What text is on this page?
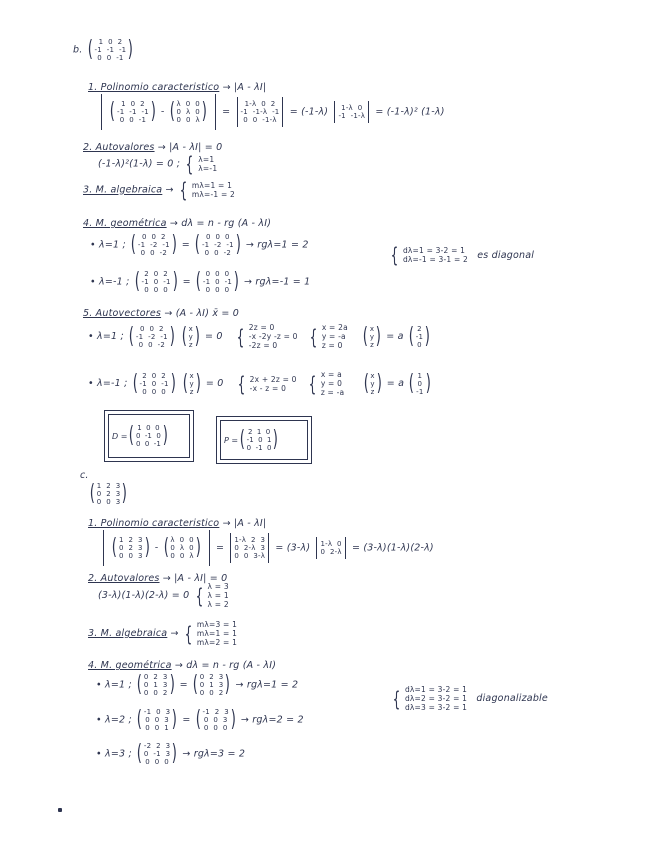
b. ( 1  0  2
-1  -1  -1
0  0  -1 )
1. Polinomio caracteristico → |A - λI|

( 1  0  2
-1  -1  -1
0  0  -1 ) - ( λ  0  0
0  λ  0
0  0  λ ) =
1-λ  0  2
-1  -1-λ  -1
0  0  -1-λ
= (-1-λ)	1-λ  0
-1  -1-λ = (-1-λ)² (1-λ)
2. Autovalores → |A - λI| = 0
(-1-λ)²(1-λ) = 0 ; { λ=1
λ=-1
3. M. algebraica → { mλ=1 = 1
mλ=-1 = 2
4. M. geométrica → dλ = n - rg (A - λI)
• λ=1 ; ( 0  0  2
-1  -2  -1
0  0  -2 ) = ( 0  0  0
-1  -2  -1
0  0  -2 ) → rgλ=1 = 2
• λ=-1 ; ( 2  0  2
-1  0  -1
0  0  0 ) = ( 0  0  0
-1  0  -1
0  0  0 ) → rgλ=-1 = 1
{ dλ=1 = 3-2 = 1
dλ=-1 = 3-1 = 2 es diagonal
5. Autovectores → (A - λI) x̄ = 0
• λ=1 ; ( 0  0  2
-1  -2  -1
0  0  -2 )
( x
y
z ) = 0 { 2z = 0
-x -2y -z = 0
-2z = 0
	{ x = 2a
y = -a
z = 0
( x
y
z ) = a ( 2
-1
0 )
• λ=-1 ; ( 2  0  2
-1  0  -1
0  0  0 )
( x
y
z ) = 0 { 2x + 2z = 0
-x - z = 0
	{ x = a
y = 0
z = -a
( x
y
z ) = a ( 1
0
-1 )
D = ( 1  0  0
0  -1  0
0  0  -1 )	P = ( 2  1  0
-1  0  1
0  -1  0 )
c.
( 1  2  3
0  2  3
0  0  3 )
1. Polinomio caracteristico → |A - λI|

( 1  2  3
0  2  3
0  0  3 ) - ( λ  0  0
0  λ  0
0  0  λ ) =
1-λ  2  3
0  2-λ  3
0  0  3-λ
= (3-λ) 1-λ  0
0  2-λ = (3-λ)(1-λ)(2-λ)
2. Autovalores → |A - λI| = 0
(3-λ)(1-λ)(2-λ) = 0 { λ = 3
λ = 1
λ = 2
3. M. algebraica → { mλ=3 = 1
mλ=1 = 1
mλ=2 = 1
4. M. geométrica → dλ = n - rg (A - λI)
• λ=1 ; ( 0  2  3
0  1  3
0  0  2 ) = ( 0  2  3
0  1  3
0  0  2 ) → rgλ=1 = 2
• λ=2 ; ( -1  0  3
0  0  3
0  0  1 ) = ( -1  2  3
0  0  3
0  0  0 ) → rgλ=2 = 2
• λ=3 ; ( -2  2  3
0  -1  3
0  0  0 ) → rgλ=3 = 2
{ dλ=1 = 3-2 = 1
dλ=2 = 3-2 = 1
dλ=3 = 3-2 = 1
diagonalizable
